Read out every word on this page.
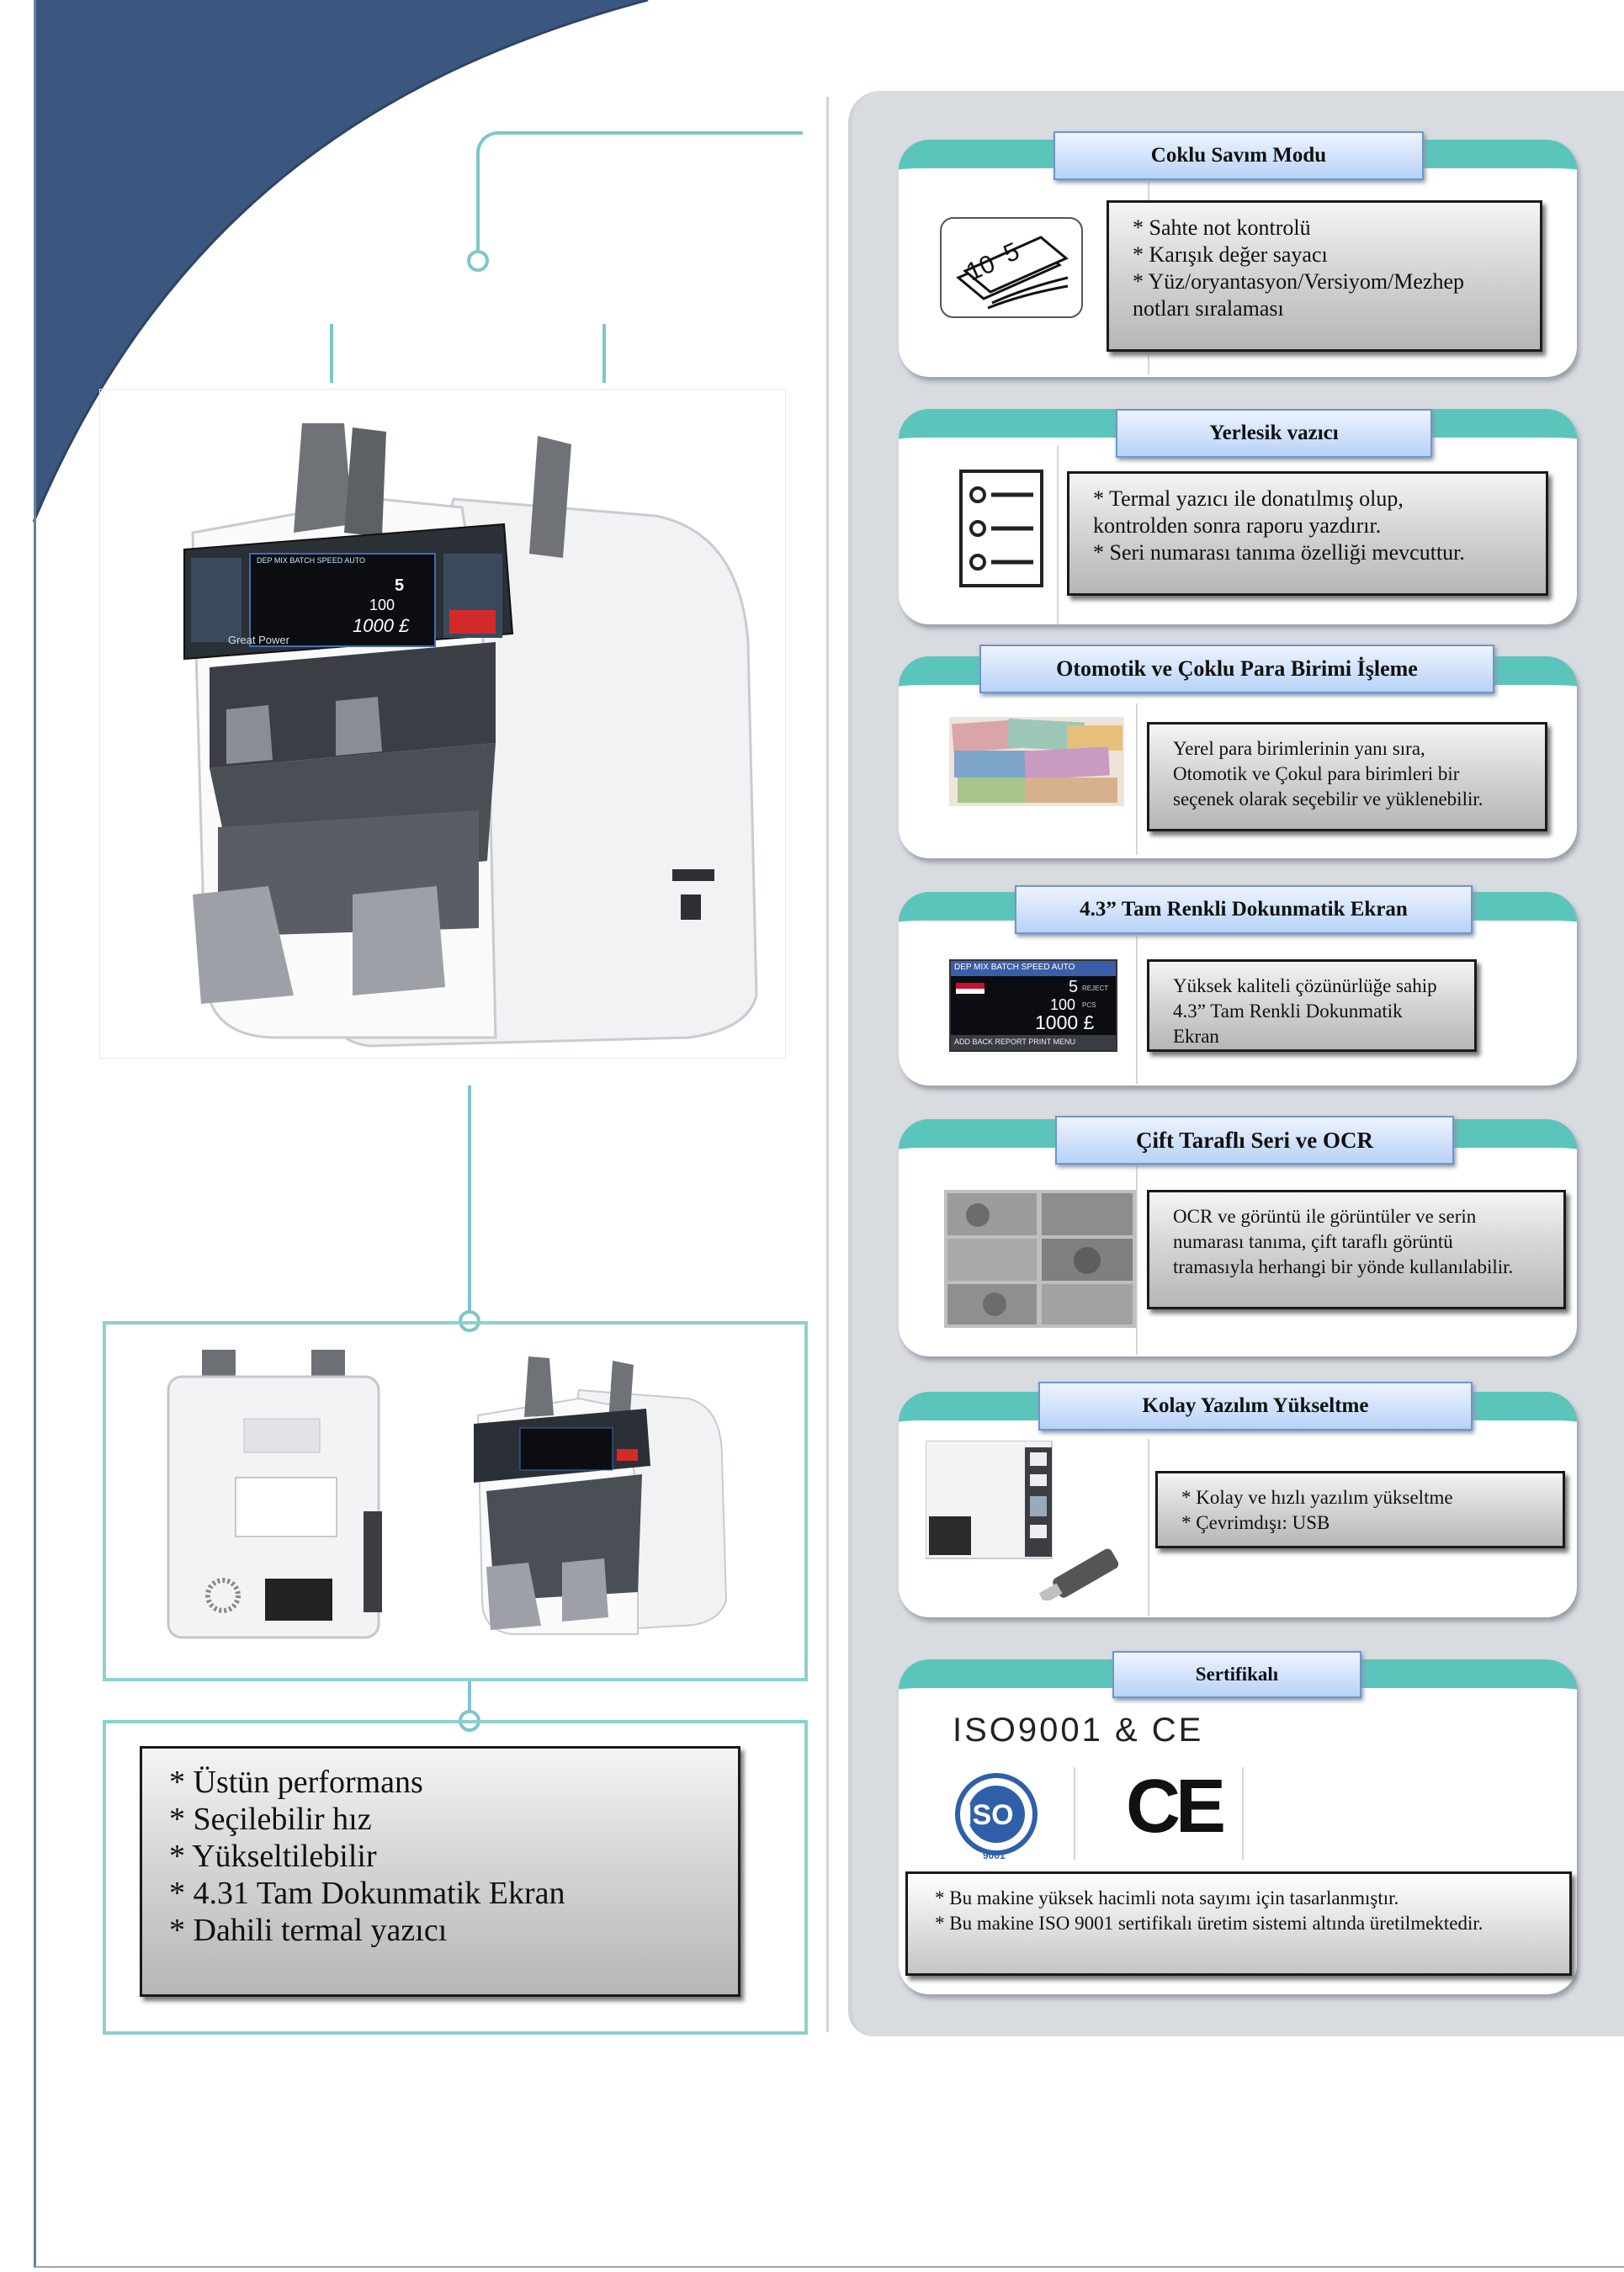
Great Power
DEP MIX BATCH SPEED AUTO
5
100
1000 £
* Üstün performans
* Seçilebilir hız
* Yükseltilebilir
* 4.31 Tam Dokunmatik Ekran
* Dahili termal yazıcı
Coklu Savım Modu
10 5
* Sahte not kontrolü
* Karışık değer sayacı
* Yüz/oryantasyon/Versiyom/Mezhep
notları sıralaması
Yerlesik vazıcı
* Termal yazıcı ile donatılmış olup,
kontrolden sonra raporu yazdırır.
* Seri numarası tanıma özelliği mevcuttur.
Otomotik ve Çoklu Para Birimi İşleme
Yerel para birimlerinin yanı sıra,
Otomotik ve Çokul para birimleri bir
seçenek olarak seçebilir ve yüklenebilir.
4.3” Tam Renkli Dokunmatik Ekran
DEP MIX BATCH SPEED AUTO
5 REJECT
100 PCS
1000 £
ADD BACK REPORT PRINT MENU
Yüksek kaliteli çözünürlüğe sahip
4.3” Tam Renkli Dokunmatik Ekran
Çift Taraflı Seri ve OCR
OCR ve görüntü ile görüntüler ve serin
numarası tanıma, çift taraflı görüntü
tramasıyla herhangi bir yönde kullanılabilir.
Kolay Yazılım Yükseltme
* Kolay ve hızlı yazılım yükseltme
* Çevrimdışı: USB
Sertifikalı
ISO9001 & CE
ISO
9001
CE
* Bu makine yüksek hacimli nota sayımı için tasarlanmıştır.
* Bu makine ISO 9001 sertifikalı üretim sistemi altında üretilmektedir.
